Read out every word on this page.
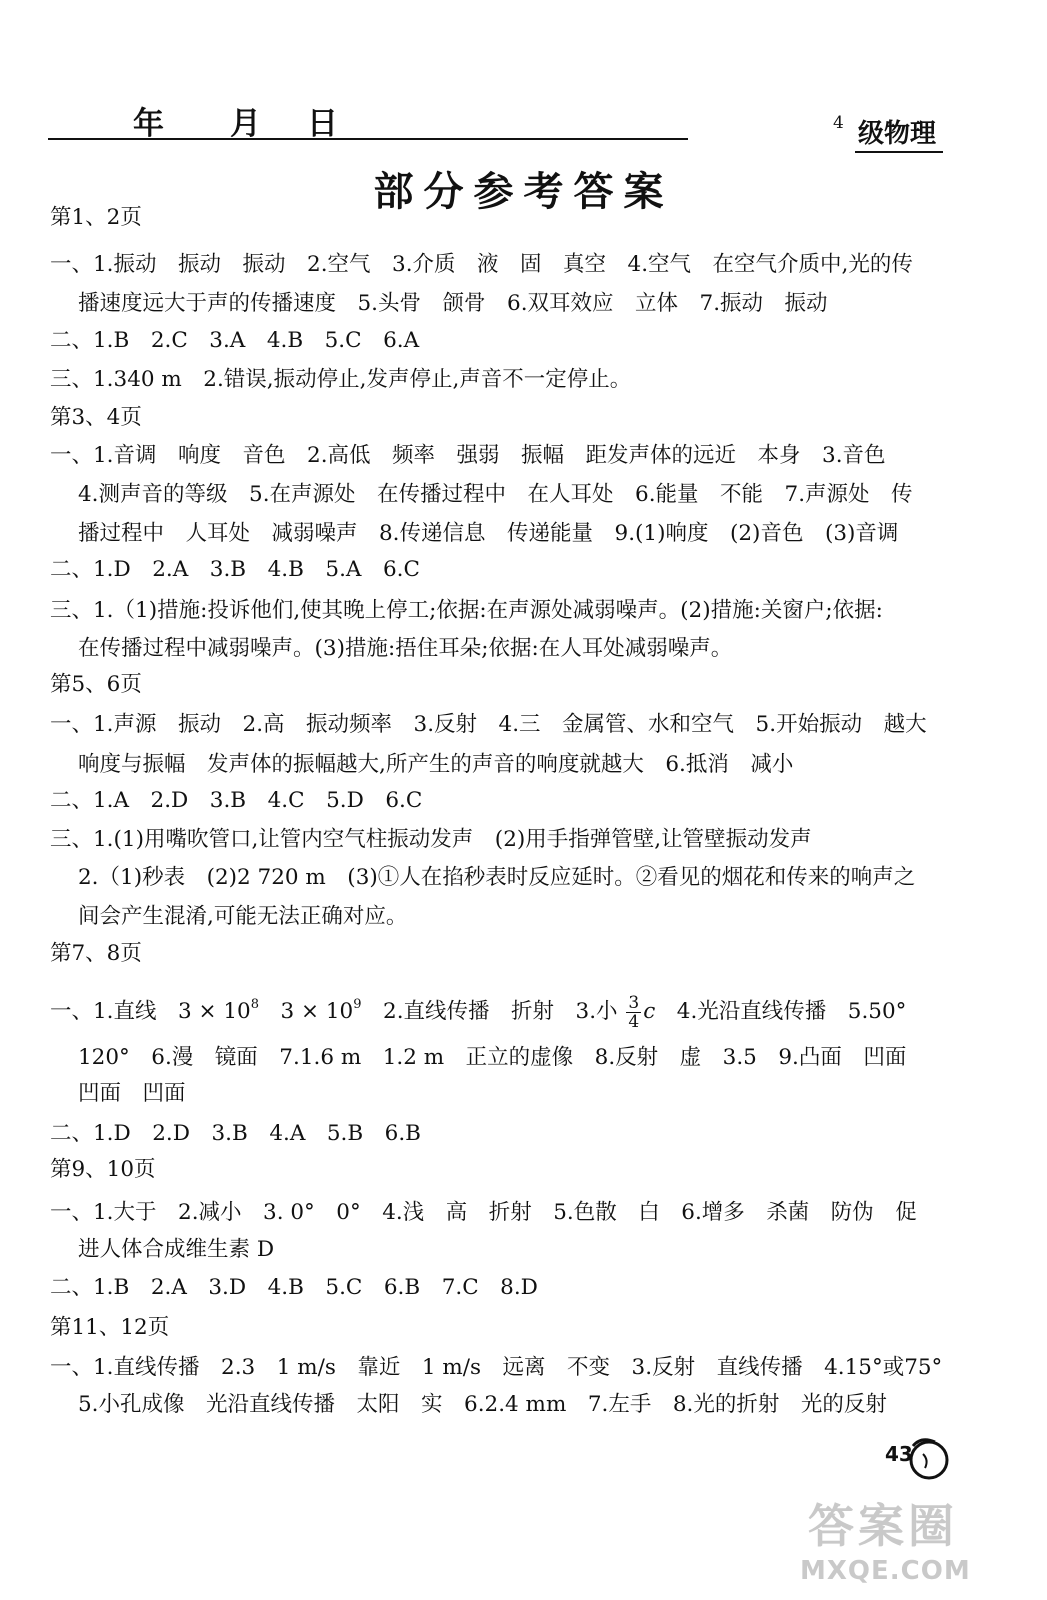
年 月 日	4 级物理
部分参考答案
第1、2页
一、1.振动　振动　振动　2.空气　3.介质　液　固　真空　4.空气　在空气介质中,光的传
播速度远大于声的传播速度　5.头骨　颌骨　6.双耳效应　立体　7.振动　振动
二、1.B　2.C　3.A　4.B　5.C　6.A
三、1.340 m　2.错误,振动停止,发声停止,声音不一定停止。
第3、4页
一、1.音调　响度　音色　2.高低　频率　强弱　振幅　距发声体的远近　本身　3.音色
4.测声音的等级　5.在声源处　在传播过程中　在人耳处　6.能量　不能　7.声源处　传
播过程中　人耳处　减弱噪声　8.传递信息　传递能量　9.(1)响度　(2)音色　(3)音调
二、1.D　2.A　3.B　4.B　5.A　6.C
三、1.（1)措施:投诉他们,使其晚上停工;依据:在声源处减弱噪声。(2)措施:关窗户;依据:
在传播过程中减弱噪声。(3)措施:捂住耳朵;依据:在人耳处减弱噪声。
第5、6页
一、1.声源　振动　2.高　振动频率　3.反射　4.三　金属管、水和空气　5.开始振动　越大
响度与振幅　发声体的振幅越大,所产生的声音的响度就越大　6.抵消　减小
二、1.A　2.D　3.B　4.C　5.D　6.C
三、1.(1)用嘴吹管口,让管内空气柱振动发声　(2)用手指弹管壁,让管壁振动发声
2.（1)秒表　(2)2 720 m　(3)①人在掐秒表时反应延时。②看见的烟花和传来的响声之
间会产生混淆,可能无法正确对应。
第7、8页
一、1.直线　$3 \times 10^8$　$3 \times 10^9$　2.直线传播　折射　3.小 $\frac{3}{4}$ c　4.光沿直线传播　5.50°
120°　6.漫　镜面　7.1.6 m　1.2 m　正立的虚像　8.反射　虚　3.5　9.凸面　凹面
凹面　凹面
二、1.D　2.D　3.B　4.A　5.B　6.B
第9、10页
一、1.大于　2.减小　3. 0°　0°　4.浅　高　折射　5.色散　白　6.增多　杀菌　防伪　促
进人体合成维生素 D
二、1.B　2.A　3.D　4.B　5.C　6.B　7.C　8.D
第11、12页
一、1.直线传播　2.3　1 m/s　靠近　1 m/s　远离　不变　3.反射　直线传播　4.15°或75°
5.小孔成像　光沿直线传播　太阳　实　6.2.4 mm　7.左手　8.光的折射　光的反射
43
答案圈
MXQE.COM
